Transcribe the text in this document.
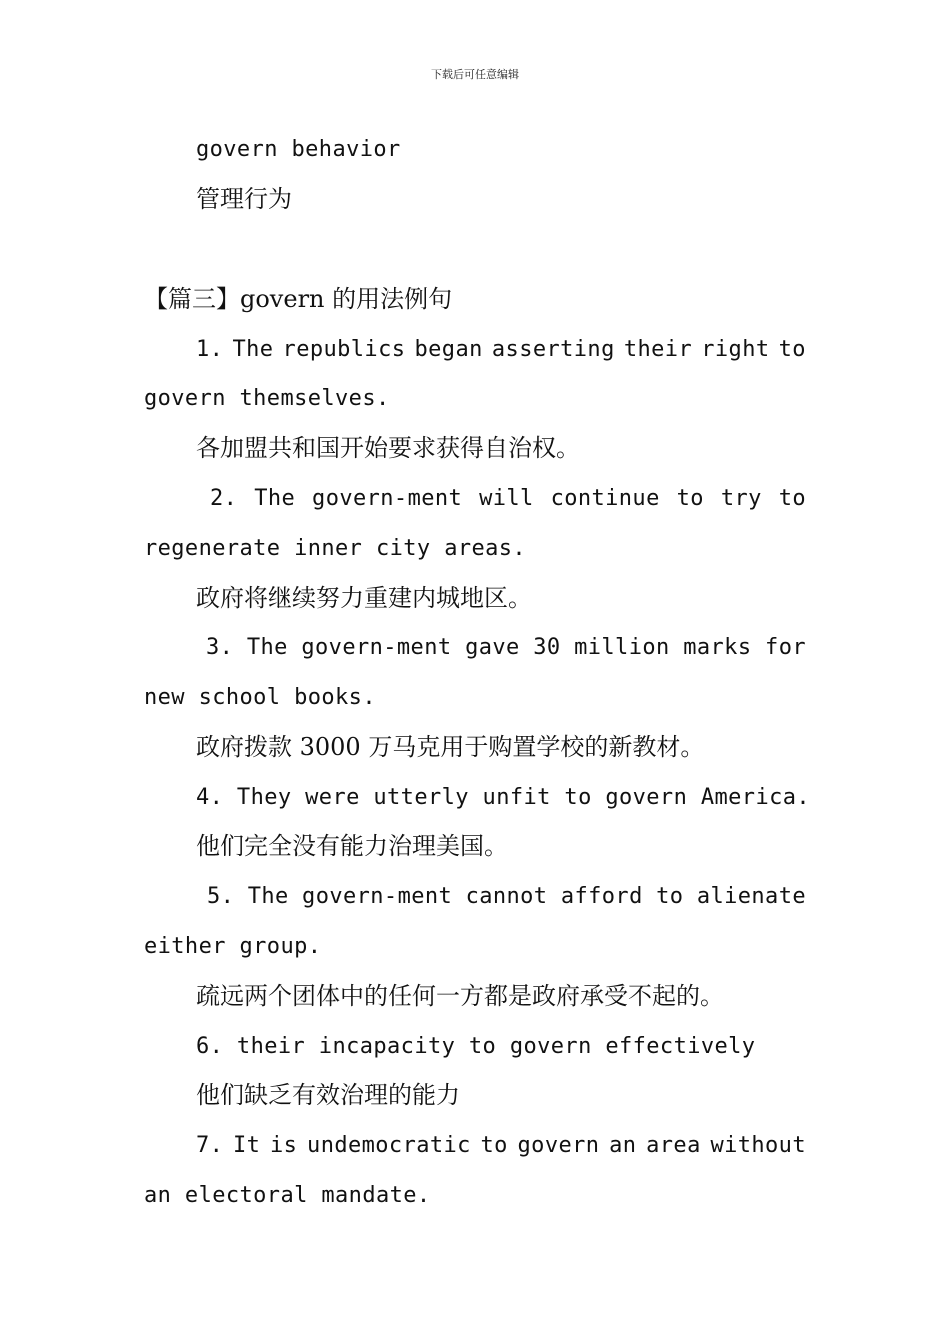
下载后可任意编辑
govern behavior
管理行为
【篇三】govern 的用法例句
1. The republics began asserting their right to
govern themselves.
各加盟共和国开始要求获得自治权。
2. The govern-ment will continue to try to
regenerate inner city areas.
政府将继续努力重建内城地区。
3. The govern-ment gave 30 million marks for
new school books.
政府拨款 3000 万马克用于购置学校的新教材。
4. They were utterly unfit to govern America.
他们完全没有能力治理美国。
5. The govern-ment cannot afford to alienate
either group.
疏远两个团体中的任何一方都是政府承受不起的。
6. their incapacity to govern effectively
他们缺乏有效治理的能力
7. It is undemocratic to govern an area without
an electoral mandate.
